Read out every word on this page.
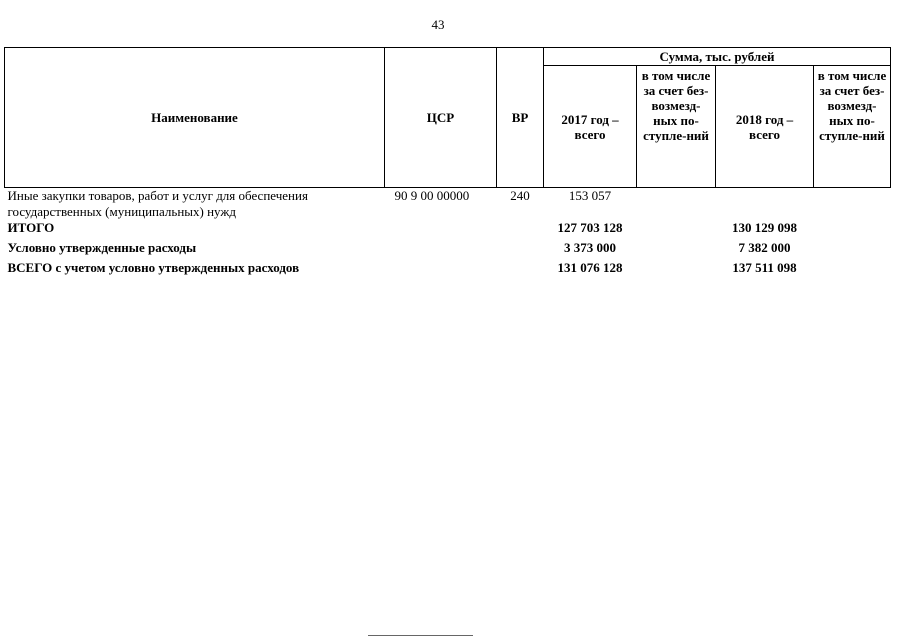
43
Наименование	ЦСР	ВР	Сумма, тыс. рублей			
			2017 год – всего	в том числе за счет без-возмезд-ных по-ступле-ний	2018 год – всего	в том числе за счет без-возмезд-ных по-ступле-ний
Иные закупки товаров, работ и услуг для обеспечения государственных (муниципальных) нужд	90 9 00 00000	240	153 057			
ИТОГО			127 703 128		130 129 098	
Условно утвержденные расходы			3 373 000		7 382 000	
ВСЕГО с учетом условно утвержденных расходов			131 076 128		137 511 098	
